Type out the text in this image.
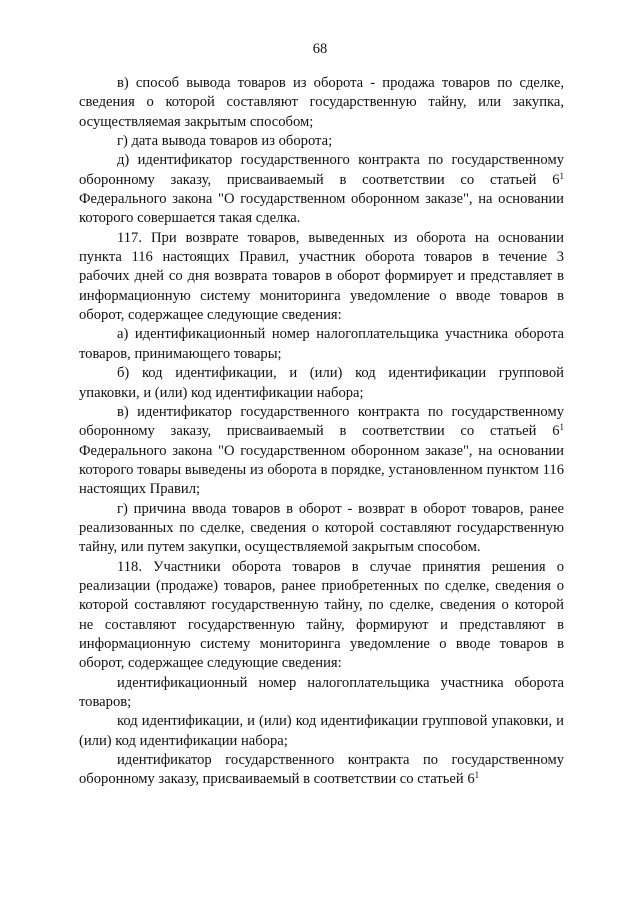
68

в) способ вывода товаров из оборота - продажа товаров по сделке, сведения о которой составляют государственную тайну, или закупка, осуществляемая закрытым способом;

г) дата вывода товаров из оборота;

д) идентификатор государственного контракта по государственному оборонному заказу, присваиваемый в соответствии со статьей $6^1$ Федерального закона "О государственном оборонном заказе", на основании которого совершается такая сделка.

117. При возврате товаров, выведенных из оборота на основании пункта 116 настоящих Правил, участник оборота товаров в течение 3 рабочих дней со дня возврата товаров в оборот формирует и представляет в информационную систему мониторинга уведомление о вводе товаров в оборот, содержащее следующие сведения:

а) идентификационный номер налогоплательщика участника оборота товаров, принимающего товары;

б) код идентификации, и (или) код идентификации групповой упаковки, и (или) код идентификации набора;

в) идентификатор государственного контракта по государственному оборонному заказу, присваиваемый в соответствии со статьей $6^1$ Федерального закона "О государственном оборонном заказе", на основании которого товары выведены из оборота в порядке, установленном пунктом 116 настоящих Правил;

г) причина ввода товаров в оборот - возврат в оборот товаров, ранее реализованных по сделке, сведения о которой составляют государственную тайну, или путем закупки, осуществляемой закрытым способом.

118. Участники оборота товаров в случае принятия решения о реализации (продаже) товаров, ранее приобретенных по сделке, сведения о которой составляют государственную тайну, по сделке, сведения о которой не составляют государственную тайну, формируют и представляют в информационную систему мониторинга уведомление о вводе товаров в оборот, содержащее следующие сведения:

идентификационный номер налогоплательщика участника оборота товаров;

код идентификации, и (или) код идентификации групповой упаковки, и (или) код идентификации набора;

идентификатор государственного контракта по государственному оборонному заказу, присваиваемый в соответствии со статьей $6^1$
